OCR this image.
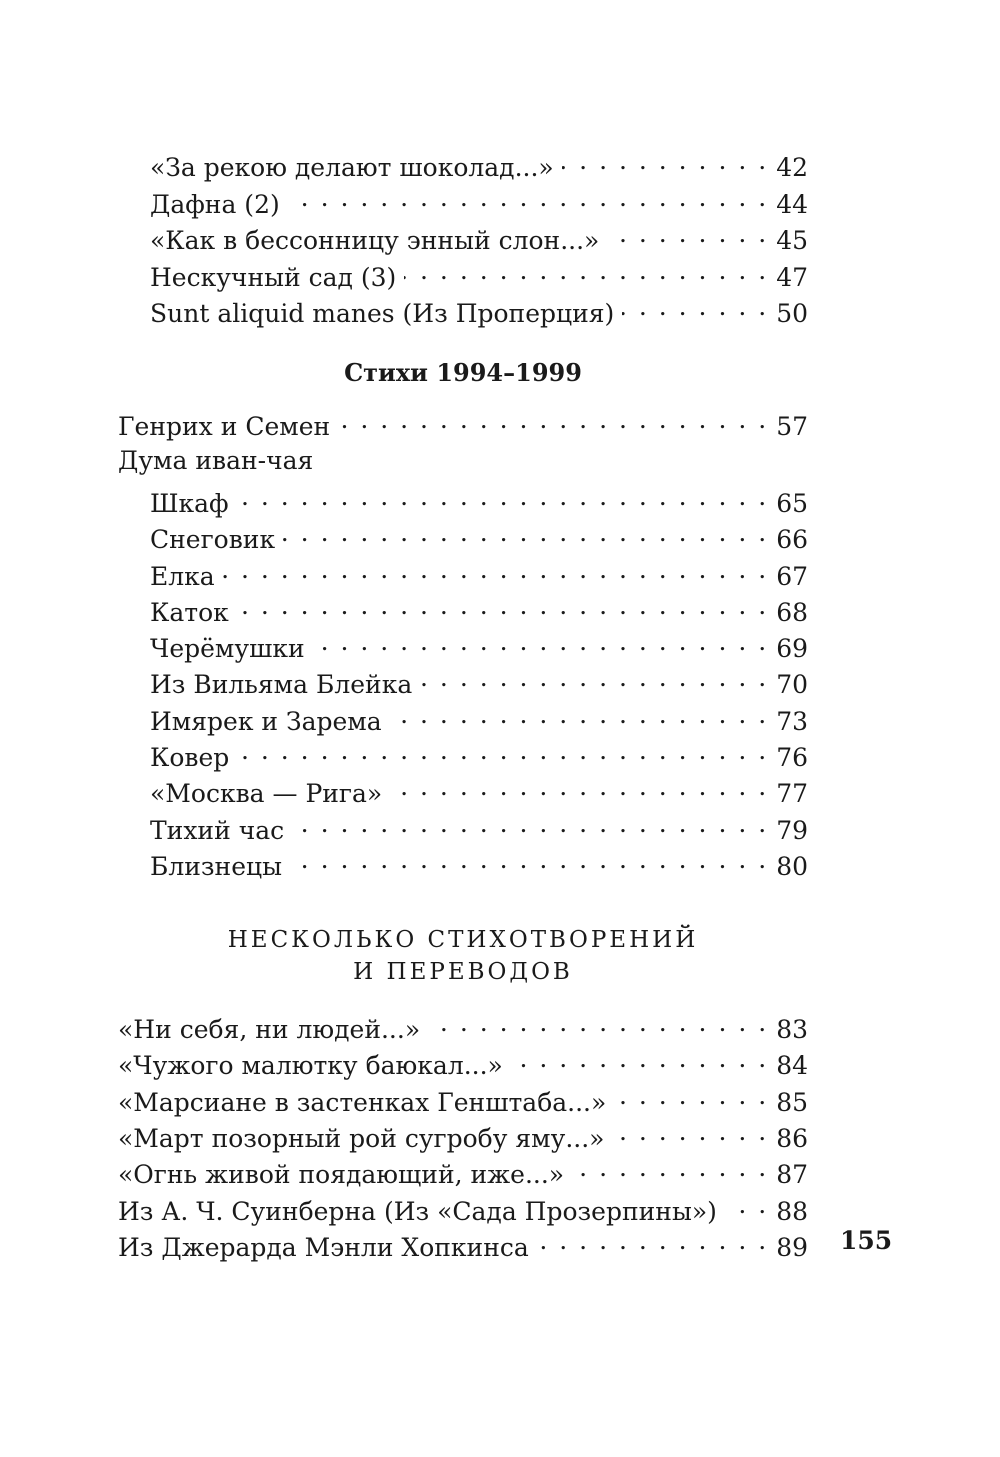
«За рекою делают шоколад...» . . .	42
Дафна (2) . . .	44
«Как в бессонницу энный слон...» . . .	45
Нескучный сад (3) . . .	47
Sunt aliquid manes (Из Проперция) . . .	50
Стихи 1994–1999
Генрих и Семен . . .	57
Дума иван-чая
Шкаф . . .	65
Снеговик . . .	66
Елка . . .	67
Каток . . .	68
Черёмушки . . .	69
Из Вильяма Блейка . . .	70
Имярек и Зарема . . .	73
Ковер . . .	76
«Москва — Рига» . . .	77
Тихий час . . .	79
Близнецы . . .	80
НЕСКОЛЬКО СТИХОТВОРЕНИЙ
И ПЕРЕВОДОВ
«Ни себя, ни людей...» . . .	83
«Чужого малютку баюкал...» . . .	84
«Марсиане в застенках Генштаба...» . . .	85
«Март позорный рой сугробу яму...» . . .	86
«Огнь живой поядающий, иже...» . . .	87
Из А. Ч. Суинберна (Из «Сада Прозерпины») . . . 88
Из Джерарда Мэнли Хопкинса . . .	89 155
